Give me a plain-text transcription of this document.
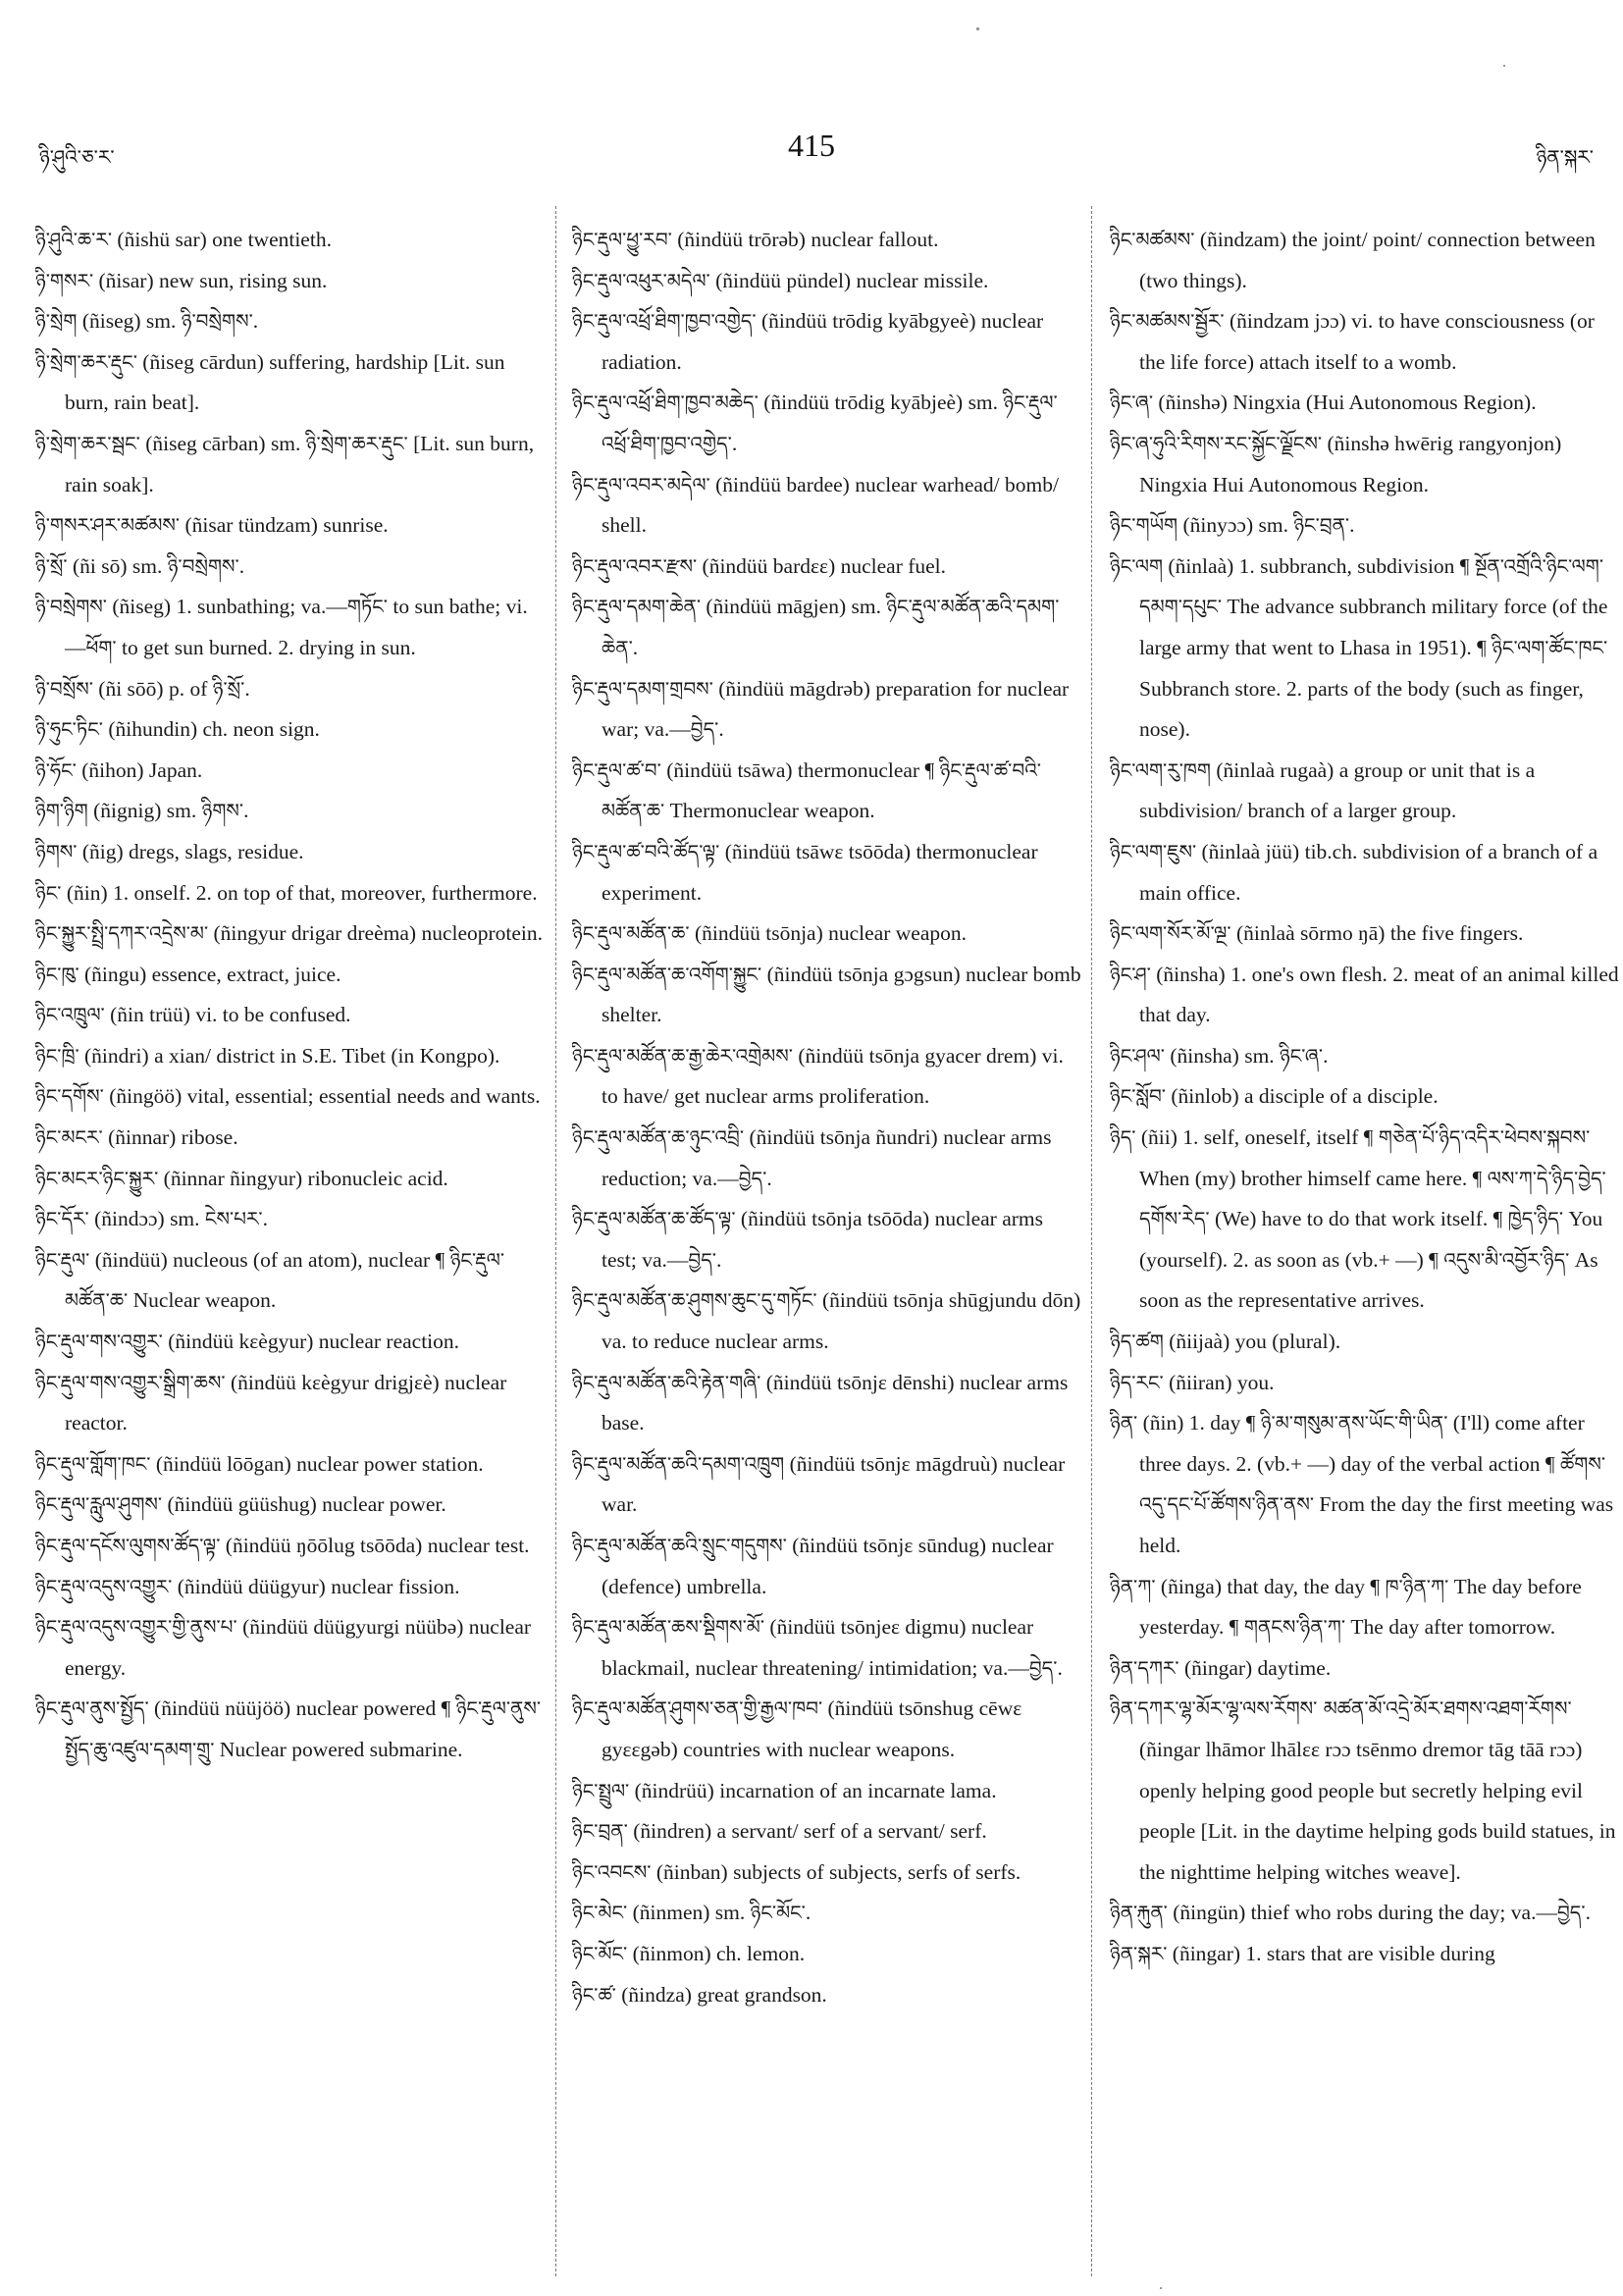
ཉི་ཤུའི་ཅ་ར་	415	ཉིན་སྐར་

ཉི་ཤུའི་ཆ་ར་ (ñishü sar) one twentieth.

ཉི་གསར་ (ñisar) new sun, rising sun.

ཉི་སྲེག (ñiseg) sm. ཉི་བསྲེགས་.

ཉི་སྲེག་ཆར་རྡུང་ (ñiseg cārdun) suffering, hardship [Lit. sun burn, rain beat].

ཉི་སྲེག་ཆར་སྦང་ (ñiseg cārban) sm. ཉི་སྲེག་ཆར་རྡུང་ [Lit. sun burn, rain soak].

ཉི་གསར་ཤར་མཚམས་ (ñisar tündzam) sunrise.

ཉི་སྲོ་ (ñi sō) sm. ཉི་བསྲེགས་.

ཉི་བསྲེགས་ (ñiseg) 1. sunbathing; va.—གཏོང་ to sun bathe; vi.—ཕོག་ to get sun burned. 2. drying in sun.

ཉི་བསྲོས་ (ñi sōō) p. of ཉི་སྲོ་.

ཉི་ཧུང་ཏིང་ (ñihundin) ch. neon sign.

ཉི་ཧོང་ (ñihon) Japan.

ཉིག་ཉིག (ñignig) sm. ཉིགས་.

ཉིགས་ (ñig) dregs, slags, residue.

ཉིང་ (ñin) 1. onself. 2. on top of that, moreover, furthermore.

ཉིང་སྐྱུར་སྤྲི་དཀར་འདྲེས་མ་ (ñingyur drigar dreèma) nucleoprotein.

ཉིང་ཁུ་ (ñingu) essence, extract, juice.

ཉིང་འཁྲུལ་ (ñin trüü) vi. to be confused.

ཉིང་ཁྲི་ (ñindri) a xian/ district in S.E. Tibet (in Kongpo).

ཉིང་དགོས་ (ñingöö) vital, essential; essential needs and wants.

ཉིང་མངར་ (ñinnar) ribose.

ཉིང་མངར་ཉིང་སྐྱུར་ (ñinnar ñingyur) ribonucleic acid.

ཉིང་དོར་ (ñindɔɔ) sm. ངེས་པར་.

ཉིང་རྡུལ་ (ñindüü) nucleous (of an atom), nuclear ¶ ཉིང་རྡུལ་མཚོན་ཆ་ Nuclear weapon.

ཉིང་རྡུལ་གས་འགྱུར་ (ñindüü kɛègyur) nuclear reaction.

ཉིང་རྡུལ་གས་འགྱུར་སྒྲིག་ཆས་ (ñindüü kɛègyur drigjɛè) nuclear reactor.

ཉིང་རྡུལ་གློག་ཁང་ (ñindüü lōōgan) nuclear power station.

ཉིང་རྡུལ་རླུལ་ཤུགས་ (ñindüü güüshug) nuclear power.

ཉིང་རྡུལ་དངོས་ལུགས་ཚོད་ལྟ་ (ñindüü ŋōōlug tsōōda) nuclear test.

ཉིང་རྡུལ་འདུས་འགྱུར་ (ñindüü düügyur) nuclear fission.

ཉིང་རྡུལ་འདུས་འགྱུར་གྱི་ནུས་པ་ (ñindüü düügyurgi nüübə) nuclear energy.

ཉིང་རྡུལ་ནུས་སྤྱོད་ (ñindüü nüüjöö) nuclear powered ¶ ཉིང་རྡུལ་ནུས་སྤྱོད་ཆུ་འཛུལ་དམག་གྲུ་ Nuclear powered submarine.

ཉིང་རྡུལ་ཕྱུ་རབ་ (ñindüü trōrəb) nuclear fallout.

ཉིང་རྡུལ་འཕུར་མདེལ་ (ñindüü pündel) nuclear missile.

ཉིང་རྡུལ་འཕྲོ་ཐིག་ཁྱབ་འགྱེད་ (ñindüü trōdig kyābgyeè) nuclear radiation.

ཉིང་རྡུལ་འཕྲོ་ཐིག་ཁྱབ་མཆེད་ (ñindüü trōdig kyābjeè) sm. ཉིང་རྡུལ་འཕྲོ་ཐིག་ཁྱབ་འགྱེད་.

ཉིང་རྡུལ་འབར་མདེལ་ (ñindüü bardee) nuclear warhead/ bomb/ shell.

ཉིང་རྡུལ་འབར་རྫས་ (ñindüü bardɛɛ) nuclear fuel.

ཉིང་རྡུལ་དམག་ཆེན་ (ñindüü māgjen) sm. ཉིང་རྡུལ་མཚོན་ཆའི་དམག་ཆེན་.

ཉིང་རྡུལ་དམག་གྲབས་ (ñindüü māgdrəb) preparation for nuclear war; va.—བྱེད་.

ཉིང་རྡུལ་ཚ་བ་ (ñindüü tsāwa) thermonuclear ¶ ཉིང་རྡུལ་ཚ་བའི་མཚོན་ཆ་ Thermonuclear weapon.

ཉིང་རྡུལ་ཚ་བའི་ཚོད་ལྟ་ (ñindüü tsāwɛ tsōōda) thermonuclear experiment.

ཉིང་རྡུལ་མཚོན་ཆ་ (ñindüü tsōnja) nuclear weapon.

ཉིང་རྡུལ་མཚོན་ཆ་འགོག་སྐྱུང་ (ñindüü tsōnja gɔgsun) nuclear bomb shelter.

ཉིང་རྡུལ་མཚོན་ཆ་རྒྱ་ཆེར་འགྲེམས་ (ñindüü tsōnja gyacer drem) vi. to have/ get nuclear arms proliferation.

ཉིང་རྡུལ་མཚོན་ཆ་ཉུང་འབྲི་ (ñindüü tsōnja ñundri) nuclear arms reduction; va.—བྱེད་.

ཉིང་རྡུལ་མཚོན་ཆ་ཚོད་ལྟ་ (ñindüü tsōnja tsōōda) nuclear arms test; va.—བྱེད་.

ཉིང་རྡུལ་མཚོན་ཆ་ཤུགས་ཆུང་དུ་གཏོང་ (ñindüü tsōnja shūgjundu dōn) va. to reduce nuclear arms.

ཉིང་རྡུལ་མཚོན་ཆའི་རྟེན་གཞི་ (ñindüü tsōnjɛ dēnshi) nuclear arms base.

ཉིང་རྡུལ་མཚོན་ཆའི་དམག་འཁྲུག (ñindüü tsōnjɛ māgdruù) nuclear war.

ཉིང་རྡུལ་མཚོན་ཆའི་སྲུང་གདུགས་ (ñindüü tsōnjɛ sūndug) nuclear (defence) umbrella.

ཉིང་རྡུལ་མཚོན་ཆས་སྡིགས་མོ་ (ñindüü tsōnjeɛ digmu) nuclear blackmail, nuclear threatening/ intimidation; va.—བྱེད་.

ཉིང་རྡུལ་མཚོན་ཤུགས་ཅན་གྱི་རྒྱལ་ཁབ་ (ñindüü tsōnshug cēwɛ gyɛɛgəb) countries with nuclear weapons.

ཉིང་སྤྲུལ་ (ñindrüü) incarnation of an incarnate lama.

ཉིང་བྲན་ (ñindren) a servant/ serf of a servant/ serf.

ཉིང་འབངས་ (ñinban) subjects of subjects, serfs of serfs.

ཉིང་མེང་ (ñinmen) sm. ཉིང་མོང་.

ཉིང་མོང་ (ñinmon) ch. lemon.

ཉིང་ཚ་ (ñindza) great grandson.

ཉིང་མཚམས་ (ñindzam) the joint/ point/ connection between (two things).

ཉིང་མཚམས་སྦྱོར་ (ñindzam jɔɔ) vi. to have consciousness (or the life force) attach itself to a womb.

ཉིང་ཞ་ (ñinshə) Ningxia (Hui Autonomous Region).

ཉིང་ཞ་ཧུའི་རིགས་རང་སྐྱོང་ལྗོངས་ (ñinshə hwērig rangyonjon) Ningxia Hui Autonomous Region.

ཉིང་གཡོག (ñinyɔɔ) sm. ཉིང་བྲན་.

ཉིང་ལག (ñinlaà) 1. subbranch, subdivision ¶ སྔོན་འགྲོའི་ཉིང་ལག་དམག་དཔུང་ The advance subbranch military force (of the large army that went to Lhasa in 1951). ¶ ཉིང་ལག་ཚོང་ཁང་ Subbranch store. 2. parts of the body (such as finger, nose).

ཉིང་ལག་རུ་ཁག (ñinlaà rugaà) a group or unit that is a subdivision/ branch of a larger group.

ཉིང་ལག་ཇུས་ (ñinlaà jüü) tib.ch. subdivision of a branch of a main office.

ཉིང་ལག་སོར་མོ་ལྔ་ (ñinlaà sōrmo ŋā) the five fingers.

ཉིང་ཤ་ (ñinsha) 1. one's own flesh. 2. meat of an animal killed that day.

ཉིང་ཤལ་ (ñinsha) sm. ཉིང་ཞ་.

ཉིང་སློབ་ (ñinlob) a disciple of a disciple.

ཉིད་ (ñii) 1. self, oneself, itself ¶ གཅེན་པོ་ཉིད་འདིར་ཕེབས་སྐབས་ When (my) brother himself came here. ¶ ལས་ཀ་དེ་ཉིད་བྱེད་དགོས་རེད་ (We) have to do that work itself. ¶ ཁྱེད་ཉིད་ You (yourself). 2. as soon as (vb.+ —) ¶ འདུས་མི་འབྱོར་ཉིད་ As soon as the representative arrives.

ཉིད་ཚག (ñiijaà) you (plural).

ཉིད་རང་ (ñiiran) you.

ཉིན་ (ñin) 1. day ¶ ཉི་མ་གསུམ་ནས་ཡོང་གི་ཡིན་ (I'll) come after three days. 2. (vb.+ —) day of the verbal action ¶ ཚོགས་འདུ་དང་པོ་ཚོགས་ཉིན་ནས་ From the day the first meeting was held.

ཉིན་ཀ་ (ñinga) that day, the day ¶ ཁ་ཉིན་ཀ་ The day before yesterday. ¶ གནངས་ཉིན་ཀ་ The day after tomorrow.

ཉིན་དཀར་ (ñingar) daytime.

ཉིན་དཀར་ལྷ་མོར་ལྷ་ལས་རོགས་ མཚན་མོ་འདྲེ་མོར་ཐགས་འཐག་རོགས་ (ñingar lhāmor lhālɛɛ rɔɔ tsēnmo dremor tāg tāā rɔɔ) openly helping good people but secretly helping evil people [Lit. in the daytime helping gods build statues, in the nighttime helping witches weave].

ཉིན་རྐུན་ (ñingün) thief who robs during the day; va.—བྱེད་.

ཉིན་སྐར་ (ñingar) 1. stars that are visible during
